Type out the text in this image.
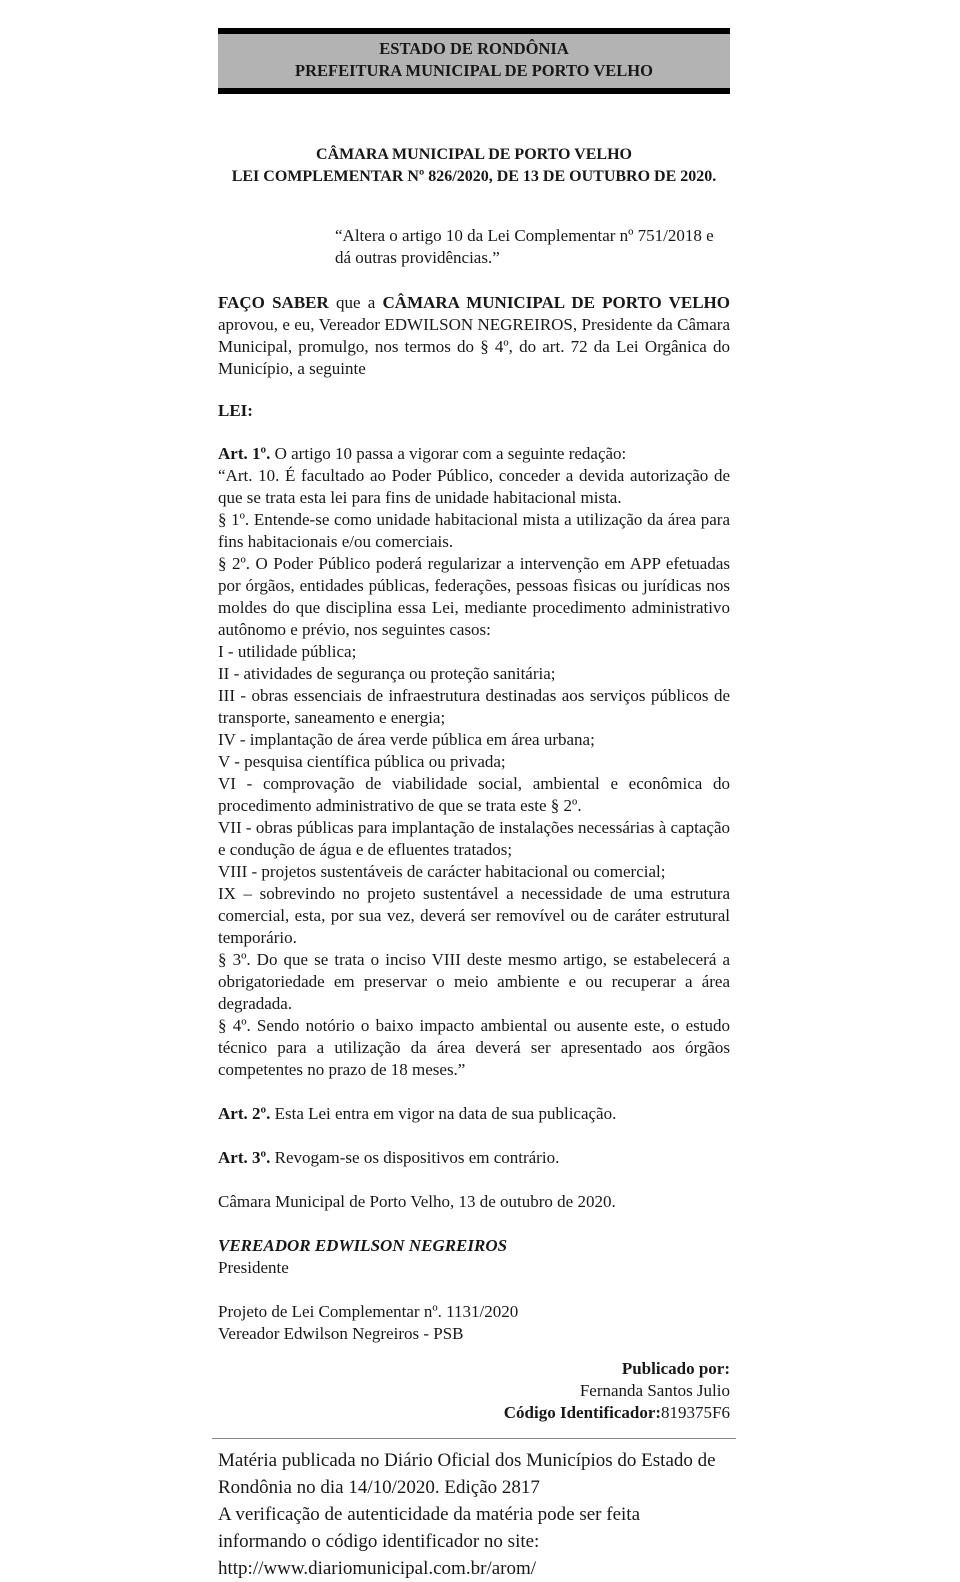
ESTADO DE RONDÔNIA
PREFEITURA MUNICIPAL DE PORTO VELHO
CÂMARA MUNICIPAL DE PORTO VELHO
LEI COMPLEMENTAR Nº 826/2020, DE 13 DE OUTUBRO DE 2020.

“Altera o artigo 10 da Lei Complementar nº 751/2018 e dá outras providências.”

FAÇO SABER que a CÂMARA MUNICIPAL DE PORTO VELHO aprovou, e eu, Vereador EDWILSON NEGREIROS, Presidente da Câmara Municipal, promulgo, nos termos do § 4º, do art. 72 da Lei Orgânica do Município, a seguinte

LEI:

Art. 1º. O artigo 10 passa a vigorar com a seguinte redação:

“Art. 10. É facultado ao Poder Público, conceder a devida autorização de que se trata esta lei para fins de unidade habitacional mista.

§ 1º. Entende-se como unidade habitacional mista a utilização da área para fins habitacionais e/ou comerciais.

§ 2º. O Poder Público poderá regularizar a intervenção em APP efetuadas por órgãos, entidades públicas, federações, pessoas fìsicas ou jurídicas nos moldes do que disciplina essa Lei, mediante procedimento administrativo autônomo e prévio, nos seguintes casos:

I - utilidade pública;

II - atividades de segurança ou proteção sanitária;

III - obras essenciais de infraestrutura destinadas aos serviços públicos de transporte, saneamento e energia;

IV - implantação de área verde pública em área urbana;

V - pesquisa científica pública ou privada;

VI - comprovação de viabilidade social, ambiental e econômica do procedimento administrativo de que se trata este § 2º.

VII - obras públicas para implantação de instalações necessárias à captação e condução de água e de efluentes tratados;

VIII - projetos sustentáveis de carácter habitacional ou comercial;

IX – sobrevindo no projeto sustentável a necessidade de uma estrutura comercial, esta, por sua vez, deverá ser removível ou de caráter estrutural temporário.

§ 3º. Do que se trata o inciso VIII deste mesmo artigo, se estabelecerá a obrigatoriedade em preservar o meio ambiente e ou recuperar a área degradada.

§ 4º. Sendo notório o baixo impacto ambiental ou ausente este, o estudo técnico para a utilização da área deverá ser apresentado aos órgãos competentes no prazo de 18 meses.”

Art. 2º. Esta Lei entra em vigor na data de sua publicação.

Art. 3º. Revogam-se os dispositivos em contrário.

Câmara Municipal de Porto Velho, 13 de outubro de 2020.

VEREADOR EDWILSON NEGREIROS

Presidente

Projeto de Lei Complementar nº. 1131/2020

Vereador Edwilson Negreiros - PSB

Publicado por:
Fernanda Santos Julio
Código Identificador:819375F6

Matéria publicada no Diário Oficial dos Municípios do Estado de Rondônia no dia 14/10/2020. Edição 2817

A verificação de autenticidade da matéria pode ser feita informando o código identificador no site:

http://www.diariomunicipal.com.br/arom/
